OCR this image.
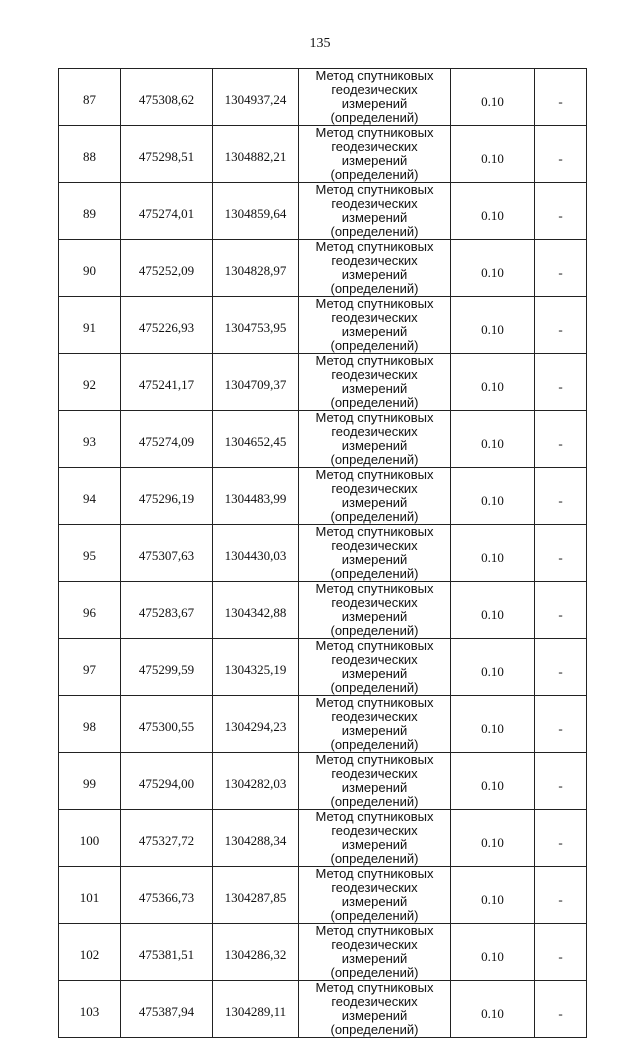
135
87	475308,62	1304937,24	Метод спутниковых
геодезических измерений
(определений)	0.10	-
88	475298,51	1304882,21	Метод спутниковых
геодезических измерений
(определений)	0.10	-
89	475274,01	1304859,64	Метод спутниковых
геодезических измерений
(определений)	0.10	-
90	475252,09	1304828,97	Метод спутниковых
геодезических измерений
(определений)	0.10	-
91	475226,93	1304753,95	Метод спутниковых
геодезических измерений
(определений)	0.10	-
92	475241,17	1304709,37	Метод спутниковых
геодезических измерений
(определений)	0.10	-
93	475274,09	1304652,45	Метод спутниковых
геодезических измерений
(определений)	0.10	-
94	475296,19	1304483,99	Метод спутниковых
геодезических измерений
(определений)	0.10	-
95	475307,63	1304430,03	Метод спутниковых
геодезических измерений
(определений)	0.10	-
96	475283,67	1304342,88	Метод спутниковых
геодезических измерений
(определений)	0.10	-
97	475299,59	1304325,19	Метод спутниковых
геодезических измерений
(определений)	0.10	-
98	475300,55	1304294,23	Метод спутниковых
геодезических измерений
(определений)	0.10	-
99	475294,00	1304282,03	Метод спутниковых
геодезических измерений
(определений)	0.10	-
100	475327,72	1304288,34	Метод спутниковых
геодезических измерений
(определений)	0.10	-
101	475366,73	1304287,85	Метод спутниковых
геодезических измерений
(определений)	0.10	-
102	475381,51	1304286,32	Метод спутниковых
геодезических измерений
(определений)	0.10	-
103	475387,94	1304289,11	Метод спутниковых
геодезических измерений
(определений)	0.10	-
